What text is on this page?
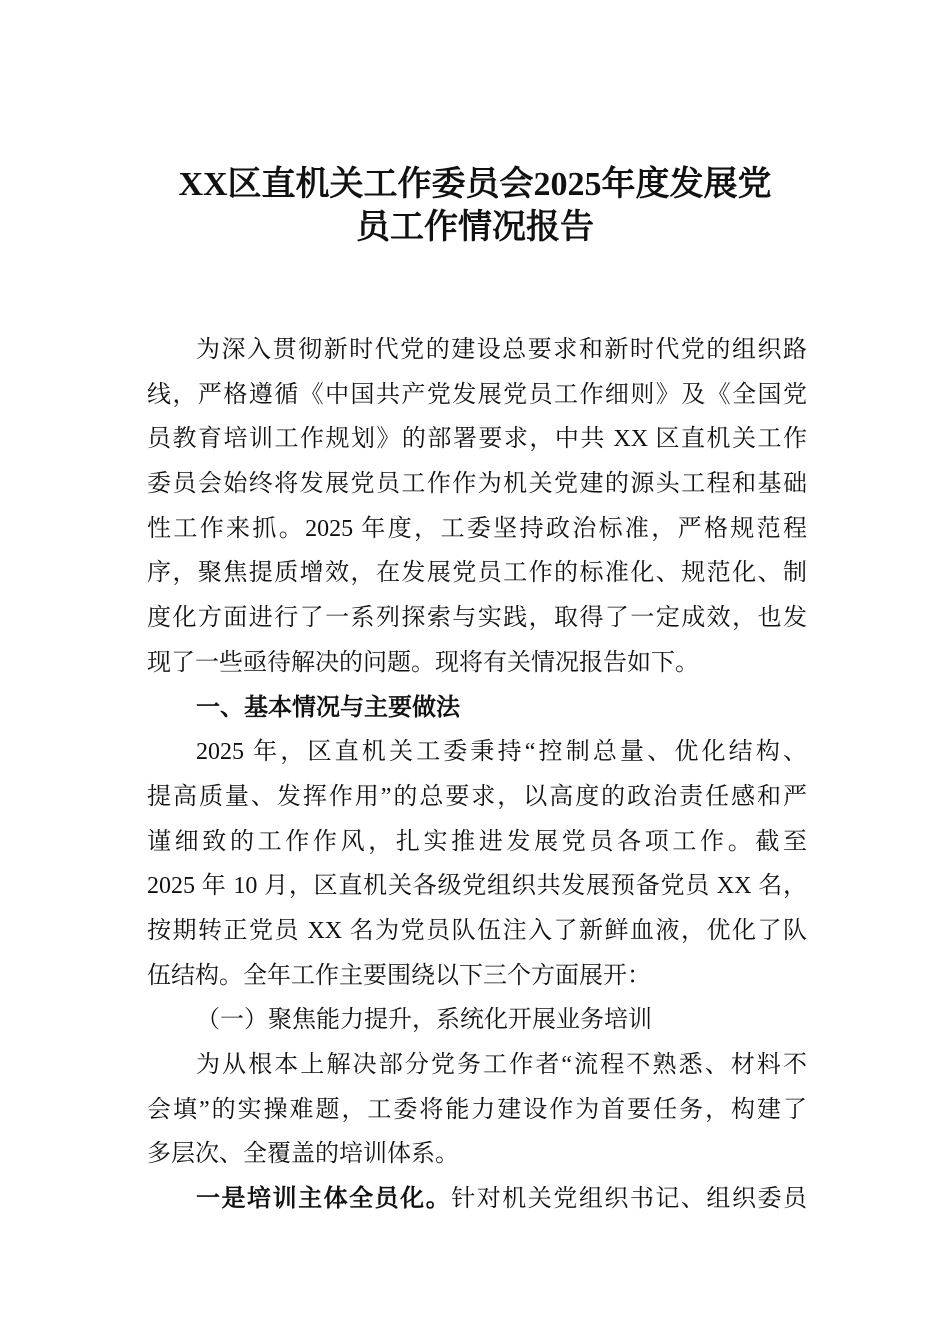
XX区直机关工作委员会2025年度发展党
员工作情况报告
为深入贯彻新时代党的建设总要求和新时代党的组织路
线，严格遵循《中国共产党发展党员工作细则》及《全国党
员教育培训工作规划》的部署要求，中共 XX 区直机关工作
委员会始终将发展党员工作作为机关党建的源头工程和基础
性工作来抓。2025 年度，工委坚持政治标准，严格规范程
序，聚焦提质增效，在发展党员工作的标准化、规范化、制
度化方面进行了一系列探索与实践，取得了一定成效，也发
现了一些亟待解决的问题。现将有关情况报告如下。
一、基本情况与主要做法
2025 年，区直机关工委秉持“控制总量、优化结构、
提高质量、发挥作用”的总要求，以高度的政治责任感和严
谨细致的工作作风，扎实推进发展党员各项工作。截至
2025 年 10 月，区直机关各级党组织共发展预备党员 XX 名，
按期转正党员 XX 名为党员队伍注入了新鲜血液，优化了队
伍结构。全年工作主要围绕以下三个方面展开：
（一）聚焦能力提升，系统化开展业务培训
为从根本上解决部分党务工作者“流程不熟悉、材料不
会填”的实操难题，工委将能力建设作为首要任务，构建了
多层次、全覆盖的培训体系。
一是培训主体全员化。针对机关党组织书记、组织委员
